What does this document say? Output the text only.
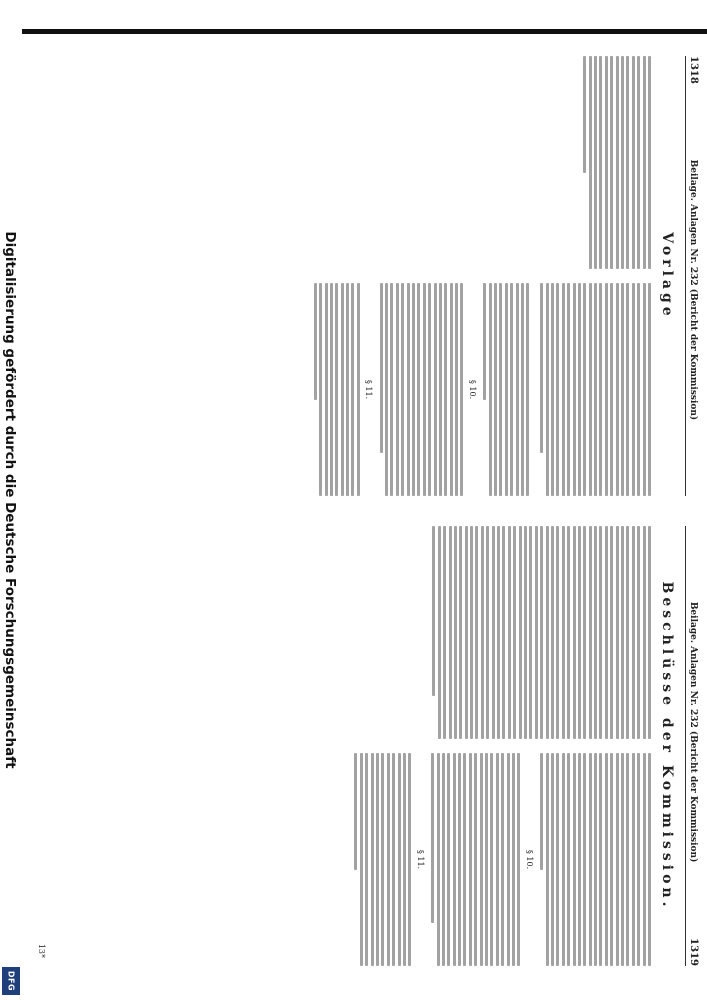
Digitalisierung gefördert durch die Deutsche Forschungsgemeinschaft
DFG
1318
Beilage. Anlagen Nr. 232 (Bericht der Kommission)
Vorlage
§ 10.
§ 11.
Beilage. Anlagen Nr. 232 (Bericht der Kommission)
1319
Beschlüsse der Kommission.
§ 10.
§ 11.
13*
